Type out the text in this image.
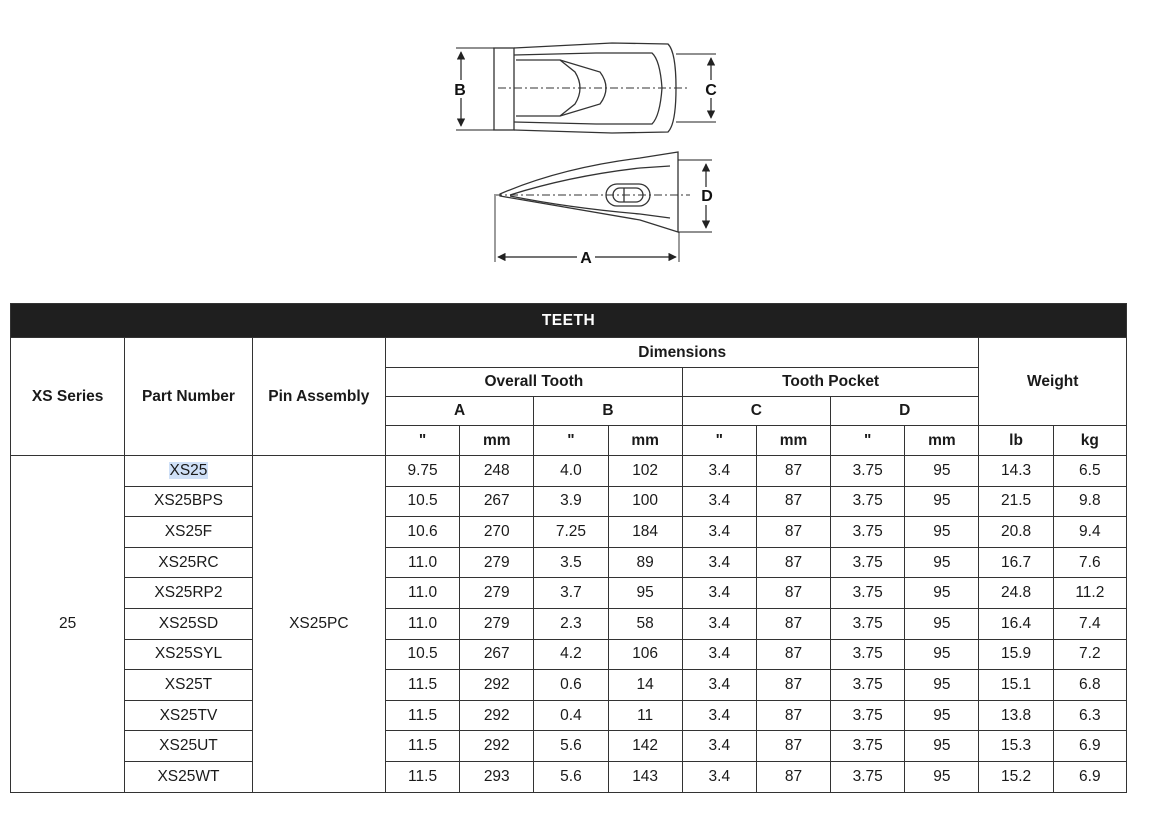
B	C
D
A
TEETH												
XS Series	Part Number	Pin Assembly	Dimensions								Weight	
			Overall Tooth				Tooth Pocket					
			A		B		C		D			
			"	mm	"	mm	"	mm	"	mm	lb	kg
25	XS25	XS25PC	9.75	248	4.0	102	3.4	87	3.75	95	14.3	6.5
	XS25BPS		10.5	267	3.9	100	3.4	87	3.75	95	21.5	9.8
	XS25F		10.6	270	7.25	184	3.4	87	3.75	95	20.8	9.4
	XS25RC		11.0	279	3.5	89	3.4	87	3.75	95	16.7	7.6
	XS25RP2		11.0	279	3.7	95	3.4	87	3.75	95	24.8	11.2
	XS25SD		11.0	279	2.3	58	3.4	87	3.75	95	16.4	7.4
	XS25SYL		10.5	267	4.2	106	3.4	87	3.75	95	15.9	7.2
	XS25T		11.5	292	0.6	14	3.4	87	3.75	95	15.1	6.8
	XS25TV		11.5	292	0.4	11	3.4	87	3.75	95	13.8	6.3
	XS25UT		11.5	292	5.6	142	3.4	87	3.75	95	15.3	6.9
	XS25WT		11.5	293	5.6	143	3.4	87	3.75	95	15.2	6.9
